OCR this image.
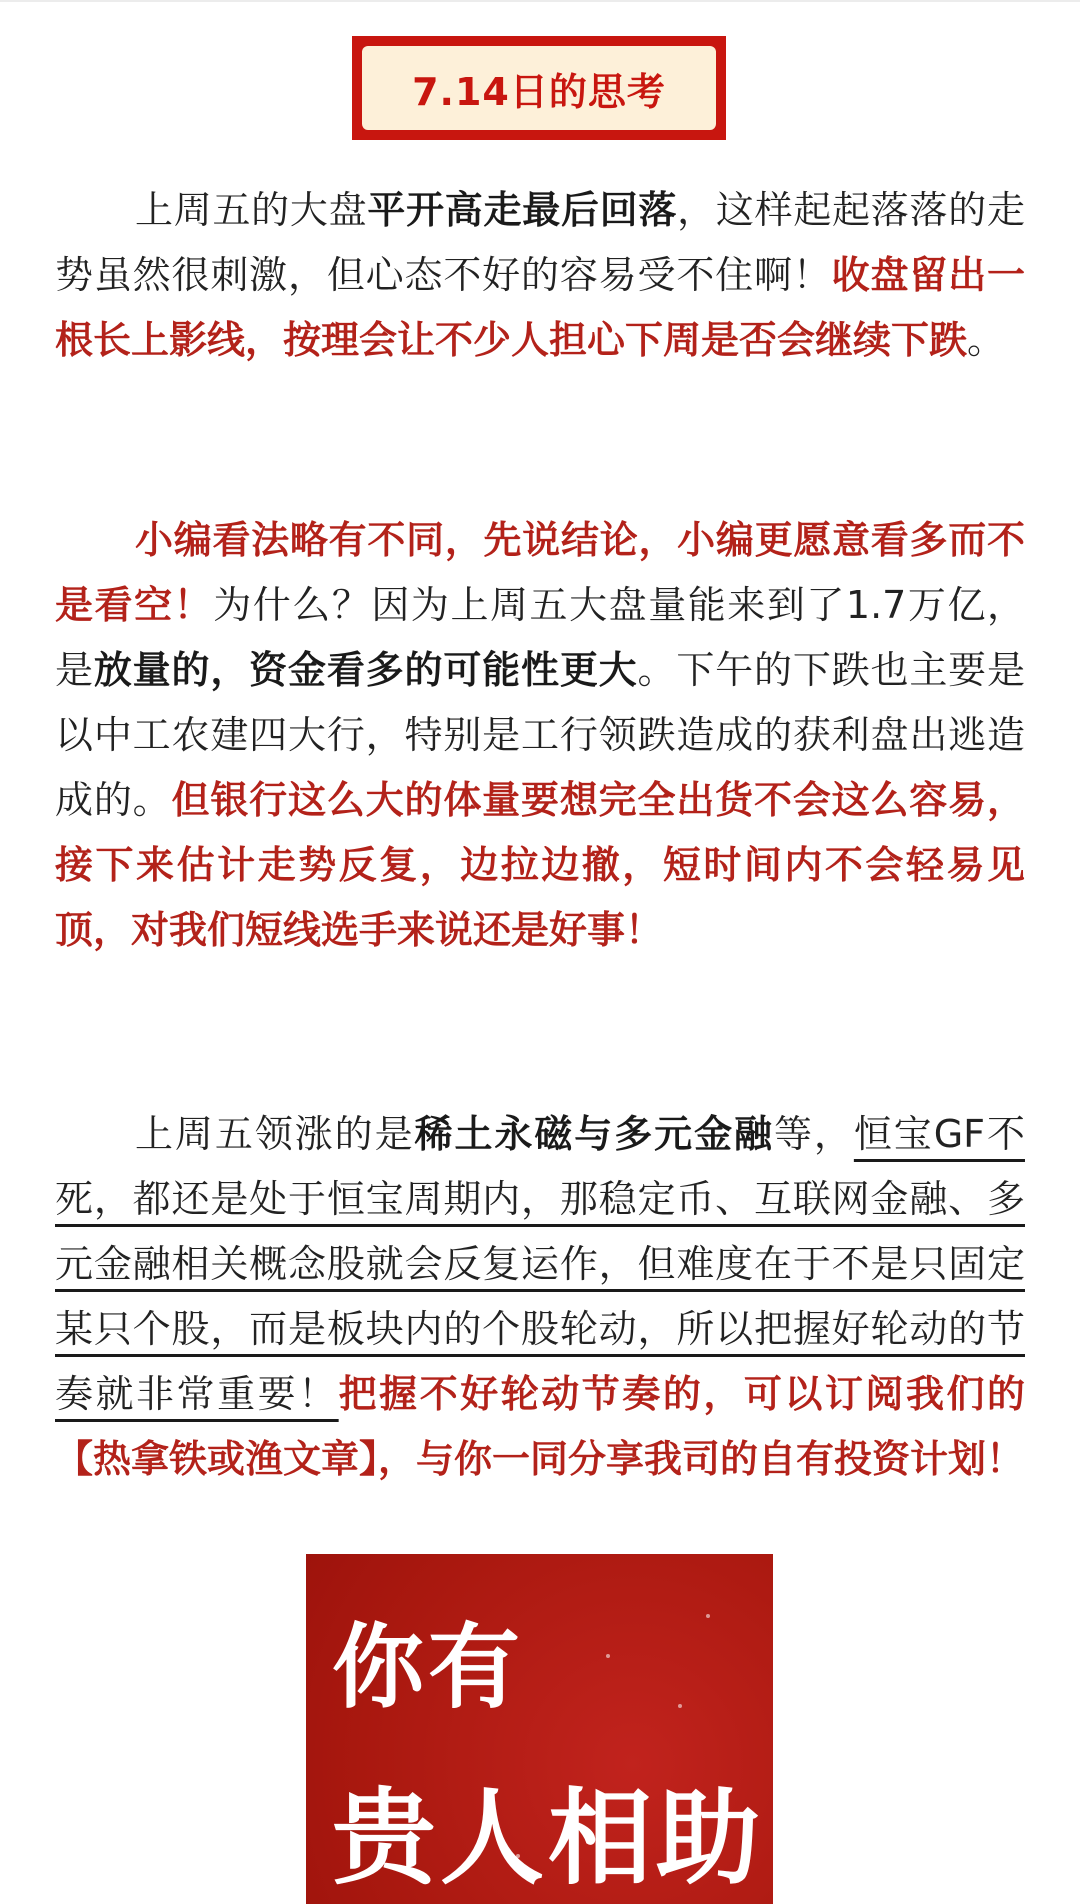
7.14日的思考

上周五的大盘平开高走最后回落，这样起起落落的走势虽然很刺激，但心态不好的容易受不住啊！收盘留出一根长上影线，按理会让不少人担心下周是否会继续下跌。

小编看法略有不同，先说结论，小编更愿意看多而不是看空！为什么？因为上周五大盘量能来到了1.7万亿，是放量的，资金看多的可能性更大。下午的下跌也主要是以中工农建四大行，特别是工行领跌造成的获利盘出逃造成的。但银行这么大的体量要想完全出货不会这么容易，接下来估计走势反复，边拉边撤，短时间内不会轻易见顶，对我们短线选手来说还是好事！

上周五领涨的是稀土永磁与多元金融等，恒宝GF不死，都还是处于恒宝周期内，那稳定币、互联网金融、多元金融相关概念股就会反复运作，但难度在于不是只固定某只个股，而是板块内的个股轮动，所以把握好轮动的节奏就非常重要！把握不好轮动节奏的，可以订阅我们的【热拿铁或渔文章】，与你一同分享我司的自有投资计划！

你有
贵人相助
